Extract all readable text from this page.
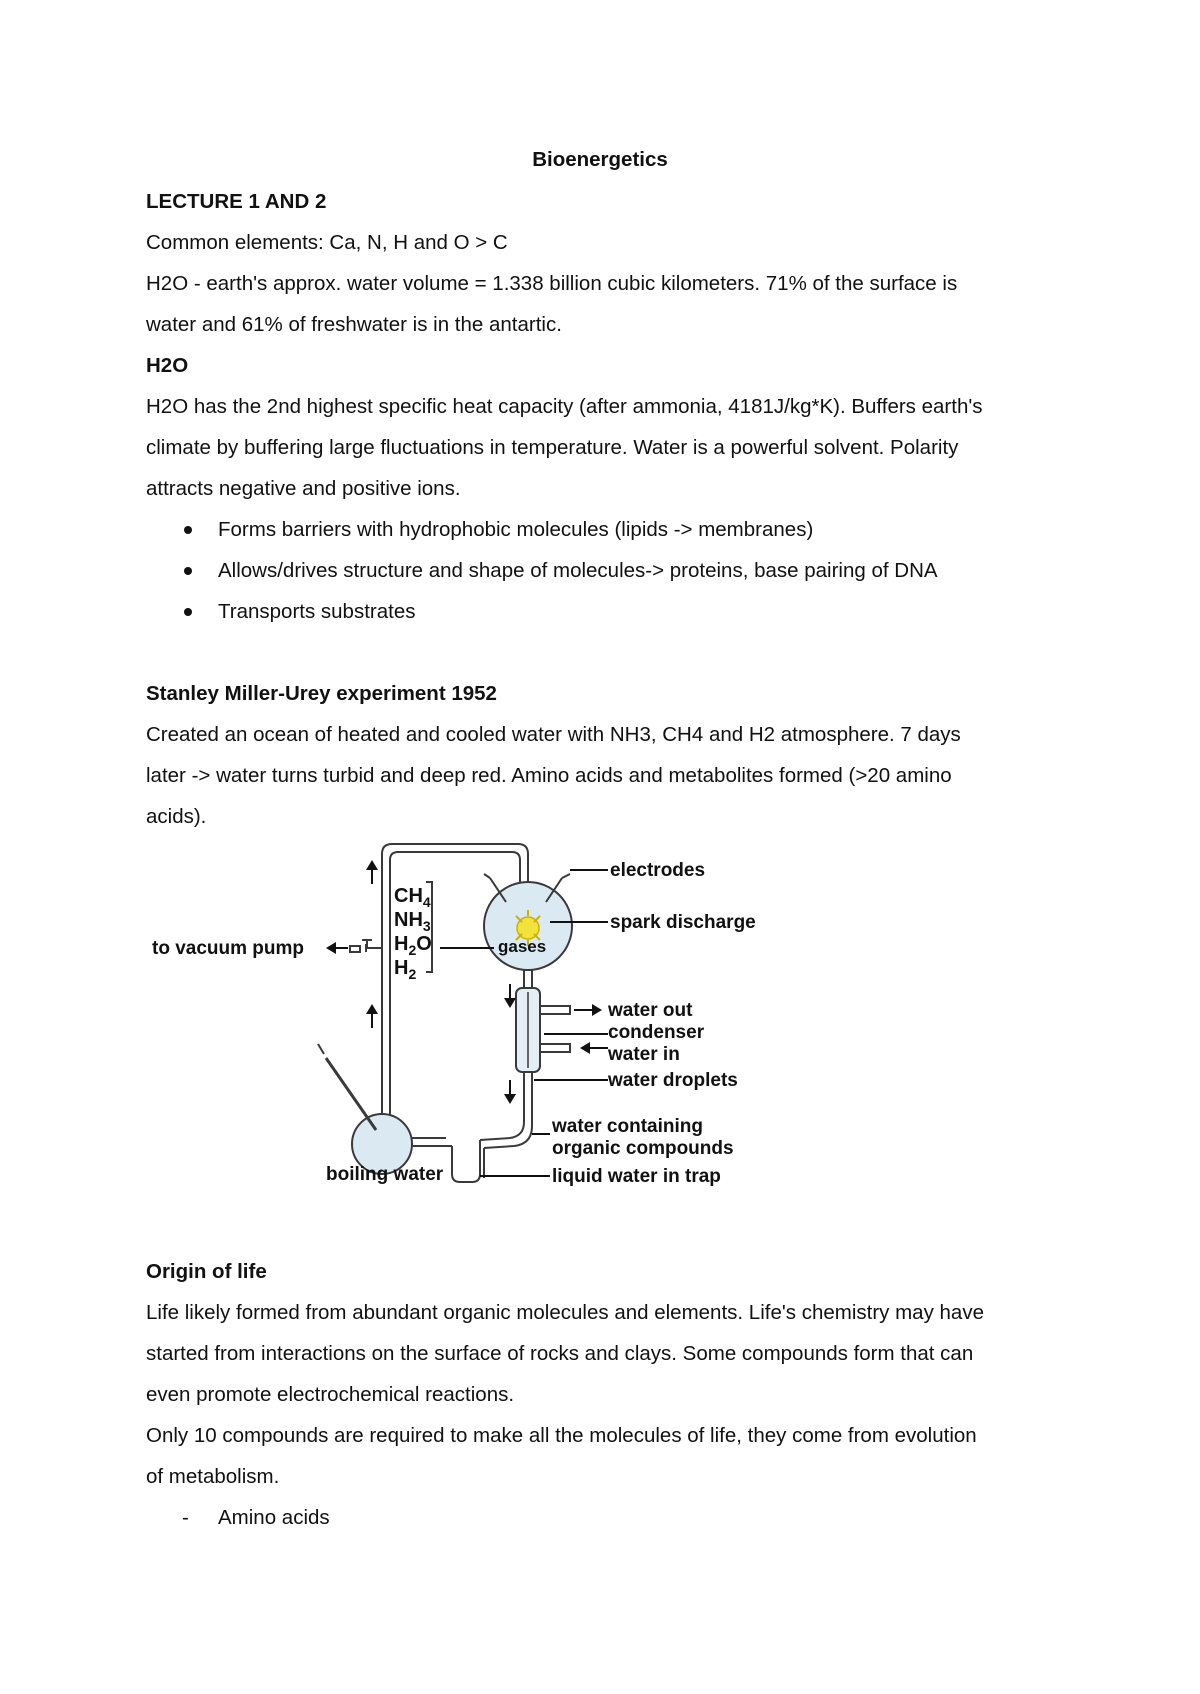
Bioenergetics
LECTURE 1 AND 2
Common elements: Ca, N, H and O > C
H2O - earth's approx. water volume = 1.338 billion cubic kilometers. 71% of the surface is
water and 61% of freshwater is in the antartic.
H2O
H2O has the 2nd highest specific heat capacity (after ammonia, 4181J/kg*K). Buffers earth's
climate by buffering large fluctuations in temperature. Water is a powerful solvent. Polarity
attracts negative and positive ions.
Forms barriers with hydrophobic molecules (lipids -> membranes)
Allows/drives structure and shape of molecules-> proteins, base pairing of DNA
Transports substrates
Stanley Miller-Urey experiment 1952
Created an ocean of heated and cooled water with NH3, CH4 and H2 atmosphere. 7 days
later -> water turns turbid and deep red. Amino acids and metabolites formed (>20 amino
acids).
electrodes
spark discharge
gases
to vacuum pump
water out
condenser
water in
water droplets
water containing
organic compounds
liquid water in trap
boiling water
$CH_4$
$NH_3$
$H_2O$
$H_2$
Origin of life
Life likely formed from abundant organic molecules and elements. Life's chemistry may have
started from interactions on the surface of rocks and clays. Some compounds form that can
even promote electrochemical reactions.
Only 10 compounds are required to make all the molecules of life, they come from evolution
of metabolism.
- Amino acids
